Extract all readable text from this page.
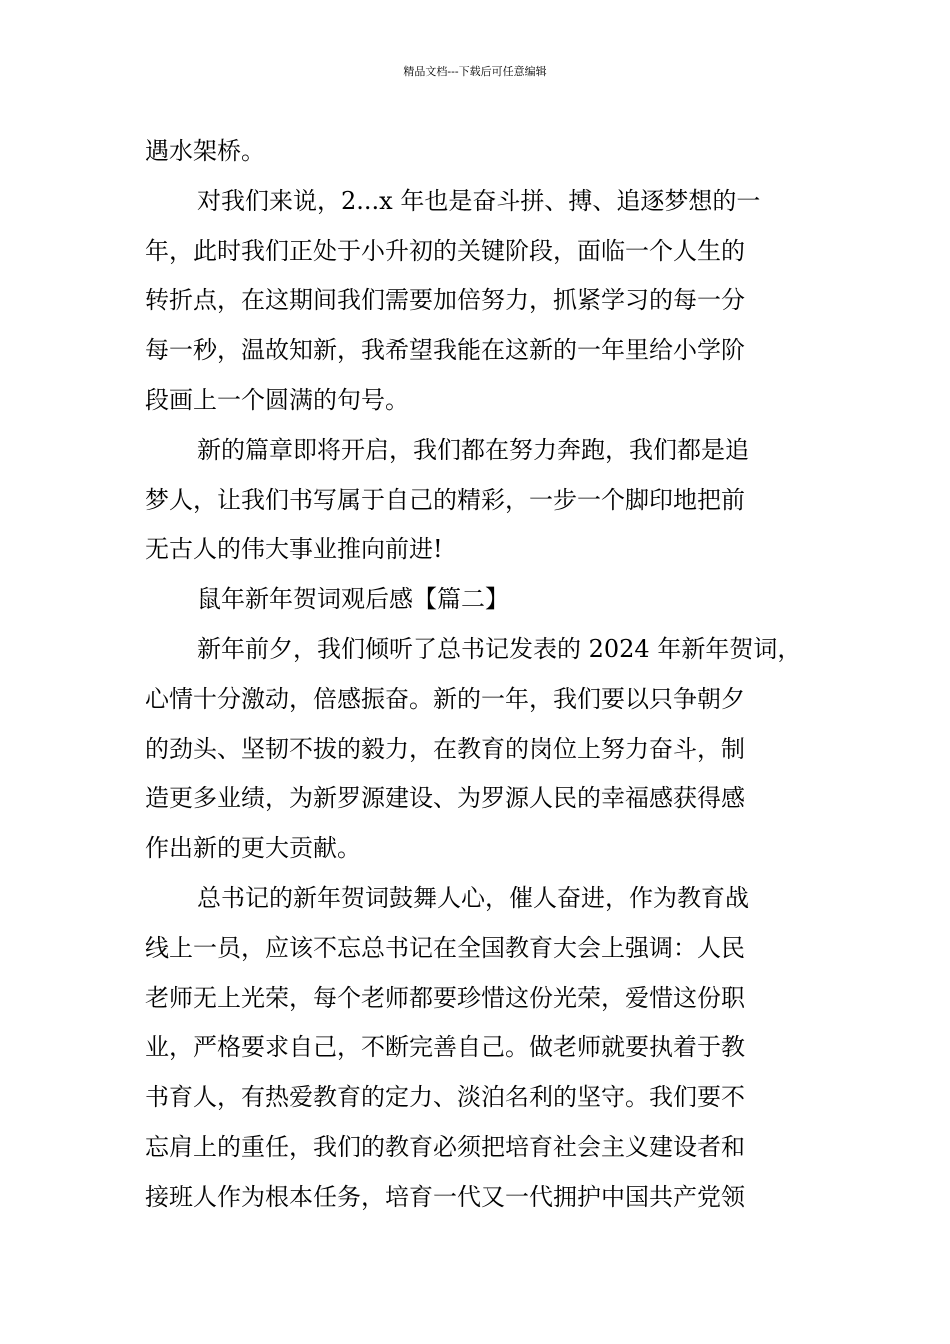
精品文档---下载后可任意编辑
遇水架桥。
对我们来说，2...x 年也是奋斗拼、搏、追逐梦想的一
年，此时我们正处于小升初的关键阶段，面临一个人生的
转折点，在这期间我们需要加倍努力，抓紧学习的每一分
每一秒，温故知新，我希望我能在这新的一年里给小学阶
段画上一个圆满的句号。
新的篇章即将开启，我们都在努力奔跑，我们都是追
梦人，让我们书写属于自己的精彩，一步一个脚印地把前
无古人的伟大事业推向前进!
鼠年新年贺词观后感【篇二】
新年前夕，我们倾听了总书记发表的 2024 年新年贺词，
心情十分激动，倍感振奋。新的一年，我们要以只争朝夕
的劲头、坚韧不拔的毅力，在教育的岗位上努力奋斗，制
造更多业绩，为新罗源建设、为罗源人民的幸福感获得感
作出新的更大贡献。
总书记的新年贺词鼓舞人心，催人奋进，作为教育战
线上一员，应该不忘总书记在全国教育大会上强调：人民
老师无上光荣，每个老师都要珍惜这份光荣，爱惜这份职
业，严格要求自己，不断完善自己。做老师就要执着于教
书育人，有热爱教育的定力、淡泊名利的坚守。我们要不
忘肩上的重任，我们的教育必须把培育社会主义建设者和
接班人作为根本任务，培育一代又一代拥护中国共产党领
